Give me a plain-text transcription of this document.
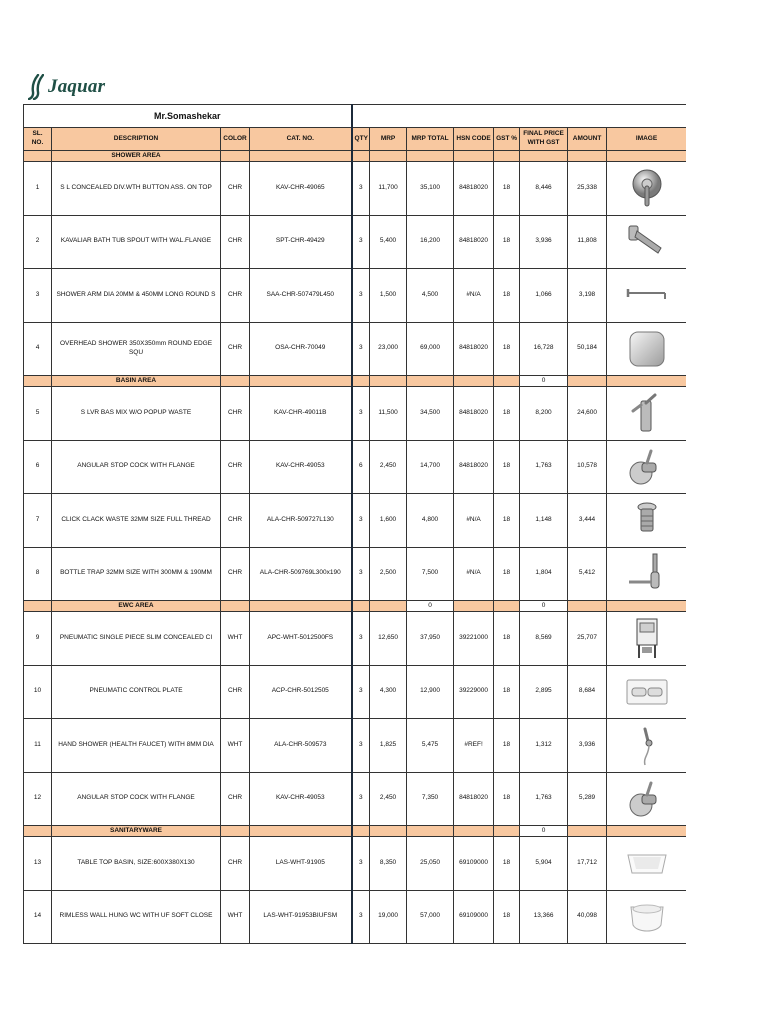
Jaquar
Mr.Somashekar											
SL. NO.	DESCRIPTION	COLOR	CAT. NO.	QTY	MRP	MRP TOTAL	HSN CODE	GST %	FINAL PRICE WITH GST	AMOUNT	IMAGE
	SHOWER AREA										
1	S L CONCEALED DIV.WTH BUTTON ASS. ON TOP	CHR	KAV-CHR-49065	3	11,700	35,100	84818020	18	8,446	25,338	

2	KAVALIAR BATH TUB SPOUT WITH WAL.FLANGE	CHR	SPT-CHR-49429	3	5,400	16,200	84818020	18	3,936	11,808	

3	SHOWER ARM DIA 20MM & 450MM LONG ROUND S	CHR	SAA-CHR-507479L450	3	1,500	4,500	#N/A	18	1,066	3,198	

4	OVERHEAD SHOWER 350X350mm ROUND EDGE SQU	CHR	OSA-CHR-70049	3	23,000	69,000	84818020	18	16,728	50,184	

	BASIN AREA								0		
5	S LVR BAS MIX W/O POPUP WASTE	CHR	KAV-CHR-49011B	3	11,500	34,500	84818020	18	8,200	24,600	

6	ANGULAR STOP COCK WITH FLANGE	CHR	KAV-CHR-49053	6	2,450	14,700	84818020	18	1,763	10,578	

7	CLICK CLACK WASTE 32MM SIZE FULL THREAD	CHR	ALA-CHR-509727L130	3	1,600	4,800	#N/A	18	1,148	3,444	

8	BOTTLE TRAP 32MM SIZE WITH 300MM & 190MM	CHR	ALA-CHR-509769L300x190	3	2,500	7,500	#N/A	18	1,804	5,412	

	EWC AREA					0			0		
9	PNEUMATIC SINGLE PIECE SLIM CONCEALED CI	WHT	APC-WHT-5012500FS	3	12,650	37,950	39221000	18	8,569	25,707	

10	PNEUMATIC CONTROL PLATE	CHR	ACP-CHR-5012505	3	4,300	12,900	39229000	18	2,895	8,684	

11	HAND SHOWER (HEALTH FAUCET) WITH 8MM DIA	WHT	ALA-CHR-509573	3	1,825	5,475	#REF!	18	1,312	3,936	

12	ANGULAR STOP COCK WITH FLANGE	CHR	KAV-CHR-49053	3	2,450	7,350	84818020	18	1,763	5,289	

	SANITARYWARE								0		
13	TABLE TOP BASIN, SIZE:600X380X130	CHR	LAS-WHT-91905	3	8,350	25,050	69109000	18	5,904	17,712	

14	RIMLESS WALL HUNG WC WITH UF SOFT CLOSE	WHT	LAS-WHT-91953BIUFSM	3	19,000	57,000	69109000	18	13,366	40,098	
